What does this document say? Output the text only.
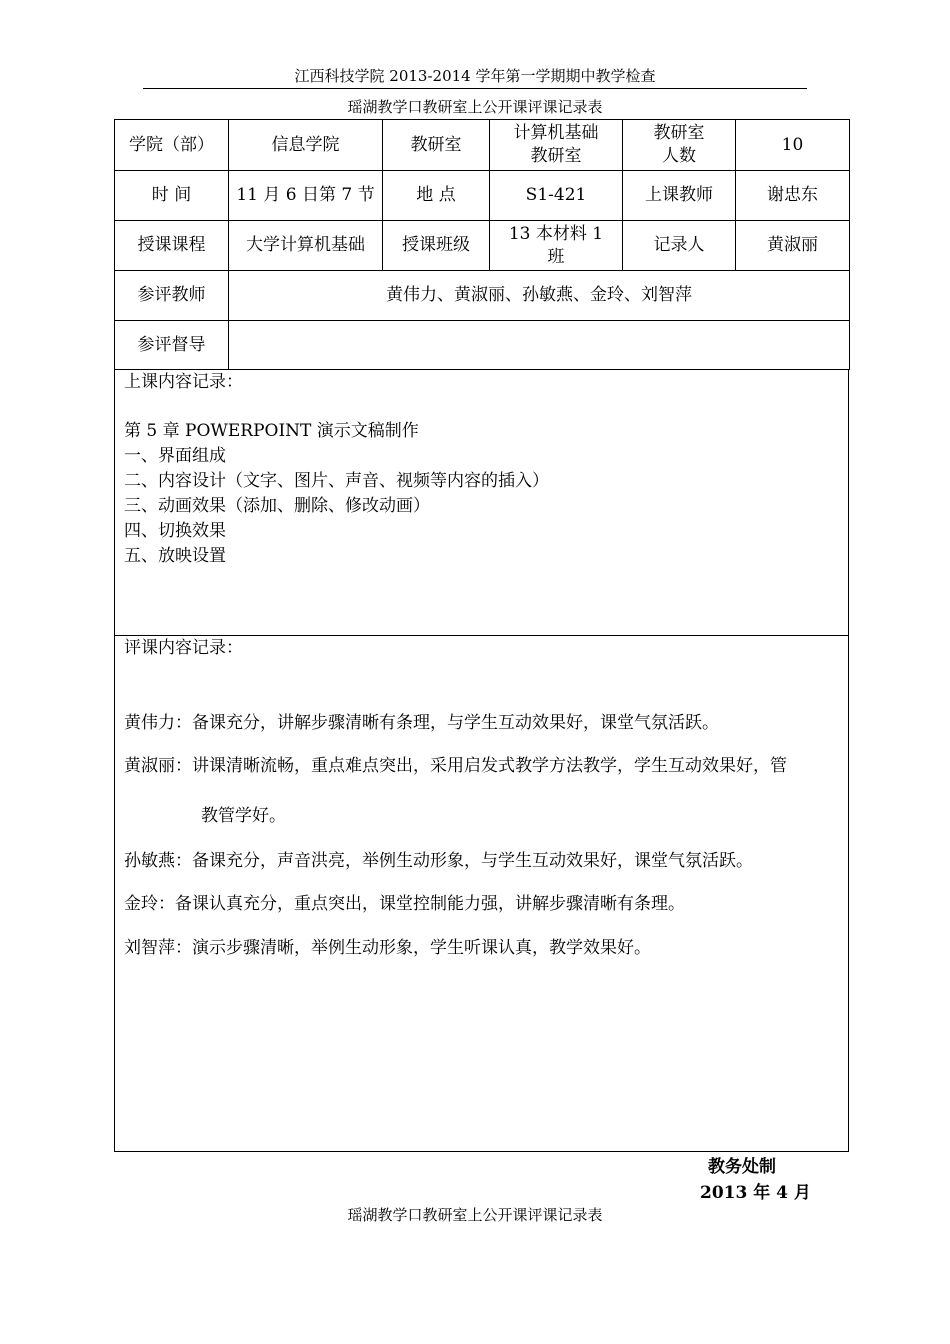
江西科技学院 2013-2014 学年第一学期期中教学检查
瑶湖教学口教研室上公开课评课记录表
学院（部）	信息学院	教研室	计算机基础教研室	教研室人数	10
时 间	11 月 6 日第 7 节	地 点	S1-421	上课教师	谢忠东
授课课程	大学计算机基础	授课班级	13 本材料 1 班	记录人	黄淑丽
参评教师	黄伟力、黄淑丽、孙敏燕、金玲、刘智萍				
参评督导					
上课内容记录：
第 5 章 POWERPOINT 演示文稿制作
一、界面组成
二、内容设计（文字、图片、声音、视频等内容的插入）
三、动画效果（添加、删除、修改动画）
四、切换效果
五、放映设置
评课内容记录：
黄伟力：备课充分，讲解步骤清晰有条理，与学生互动效果好，课堂气氛活跃。
黄淑丽：讲课清晰流畅，重点难点突出，采用启发式教学方法教学，学生互动效果好，管
教管学好。
孙敏燕：备课充分，声音洪亮，举例生动形象，与学生互动效果好，课堂气氛活跃。
金玲：备课认真充分，重点突出，课堂控制能力强，讲解步骤清晰有条理。
刘智萍：演示步骤清晰，举例生动形象，学生听课认真，教学效果好。
教务处制
2013 年 4 月
瑶湖教学口教研室上公开课评课记录表
